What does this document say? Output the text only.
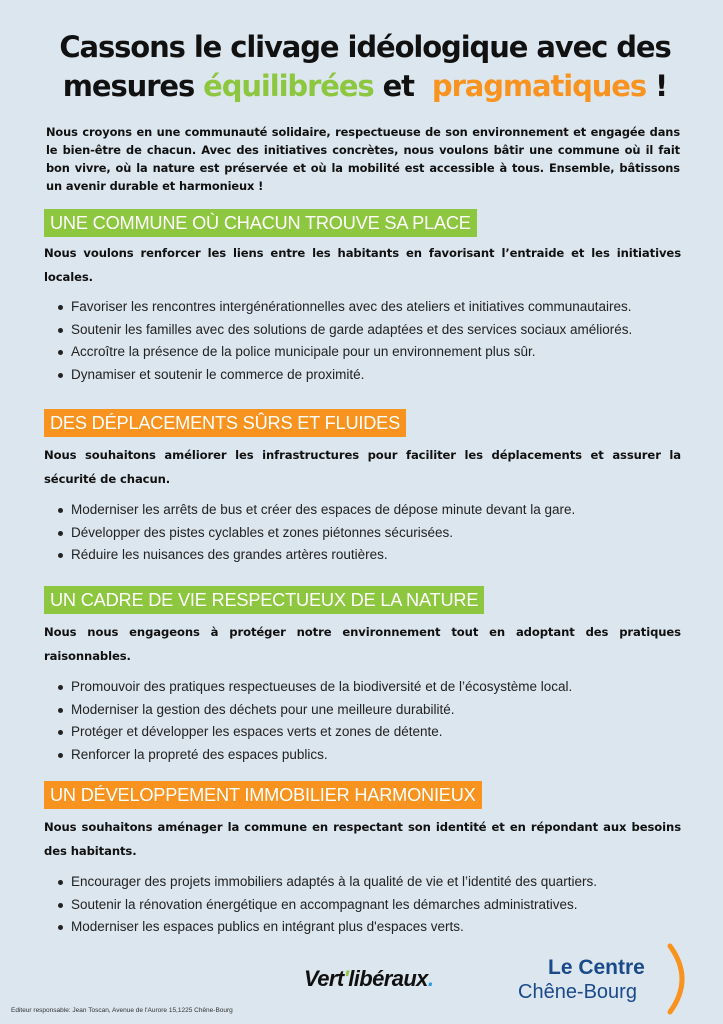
Cassons le clivage idéologique avec des
mesures équilibrées et pragmatiques !

Nous croyons en une communauté solidaire, respectueuse de son environnement et engagée dans le bien-être de chacun. Avec des initiatives concrètes, nous voulons bâtir une commune où il fait bon vivre, où la nature est préservée et où la mobilité est accessible à tous. Ensemble, bâtissons un avenir durable et harmonieux !

UNE COMMUNE OÙ CHACUN TROUVE SA PLACE

Nous voulons renforcer les liens entre les habitants en favorisant l’entraide et les initiatives locales.

Favoriser les rencontres intergénérationnelles avec des ateliers et initiatives communautaires.
Soutenir les familles avec des solutions de garde adaptées et des services sociaux améliorés.
Accroître la présence de la police municipale pour un environnement plus sûr.
Dynamiser et soutenir le commerce de proximité.
DES DÉPLACEMENTS SÛRS ET FLUIDES

Nous souhaitons améliorer les infrastructures pour faciliter les déplacements et assurer la sécurité de chacun.

Moderniser les arrêts de bus et créer des espaces de dépose minute devant la gare.
Développer des pistes cyclables et zones piétonnes sécurisées.
Réduire les nuisances des grandes artères routières.
UN CADRE DE VIE RESPECTUEUX DE LA NATURE

Nous nous engageons à protéger notre environnement tout en adoptant des pratiques raisonnables.

Promouvoir des pratiques respectueuses de la biodiversité et de l’écosystème local.
Moderniser la gestion des déchets pour une meilleure durabilité.
Protéger et développer les espaces verts et zones de détente.
Renforcer la propreté des espaces publics.
UN DÉVELOPPEMENT IMMOBILIER HARMONIEUX

Nous souhaitons aménager la commune en respectant son identité et en répondant aux besoins des habitants.

Encourager des projets immobiliers adaptés à la qualité de vie et l’identité des quartiers.
Soutenir la rénovation énergétique en accompagnant les démarches administratives.
Moderniser les espaces publics en intégrant plus d'espaces verts.
Vert'libéraux.	Le Centre
Chêne-Bourg
Editeur responsable: Jean Toscan, Avenue de l'Aurore 15,1225 Chêne-Bourg
